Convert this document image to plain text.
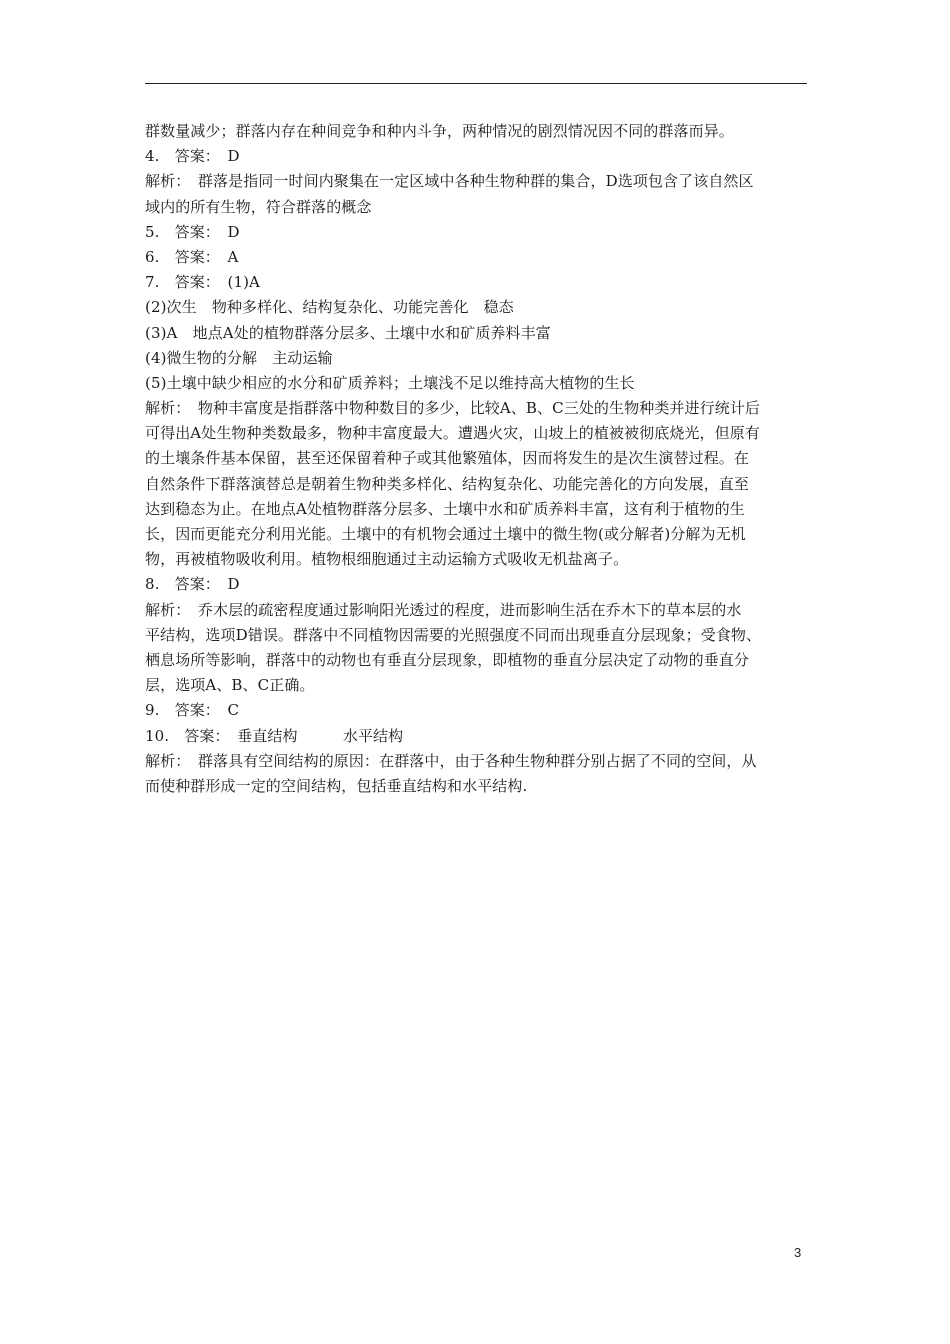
群数量减少；群落内存在种间竞争和种内斗争，两种情况的剧烈情况因不同的群落而异。
4.　答案：　D
解析：　群落是指同一时间内聚集在一定区域中各种生物种群的集合，D选项包含了该自然区
域内的所有生物，符合群落的概念
5.　答案：　D
6.　答案：　A
7.　答案：　(1)A
(2)次生　物种多样化、结构复杂化、功能完善化　稳态
(3)A　地点A处的植物群落分层多、土壤中水和矿质养料丰富
(4)微生物的分解　主动运输
(5)土壤中缺少相应的水分和矿质养料；土壤浅不足以维持高大植物的生长
解析：　物种丰富度是指群落中物种数目的多少，比较A、B、C三处的生物种类并进行统计后
可得出A处生物种类数最多，物种丰富度最大。遭遇火灾，山坡上的植被被彻底烧光，但原有
的土壤条件基本保留，甚至还保留着种子或其他繁殖体，因而将发生的是次生演替过程。在
自然条件下群落演替总是朝着生物种类多样化、结构复杂化、功能完善化的方向发展，直至
达到稳态为止。在地点A处植物群落分层多、土壤中水和矿质养料丰富，这有利于植物的生
长，因而更能充分利用光能。土壤中的有机物会通过土壤中的微生物(或分解者)分解为无机
物，再被植物吸收利用。植物根细胞通过主动运输方式吸收无机盐离子。
8.　答案：　D
解析：　乔木层的疏密程度通过影响阳光透过的程度，进而影响生活在乔木下的草本层的水
平结构，选项D错误。群落中不同植物因需要的光照强度不同而出现垂直分层现象；受食物、
栖息场所等影响，群落中的动物也有垂直分层现象，即植物的垂直分层决定了动物的垂直分
层，选项A、B、C正确。
9.　答案：　C
10.　答案：　垂直结构　　　水平结构
解析：　群落具有空间结构的原因：在群落中，由于各种生物种群分别占据了不同的空间，从
而使种群形成一定的空间结构，包括垂直结构和水平结构.
3
